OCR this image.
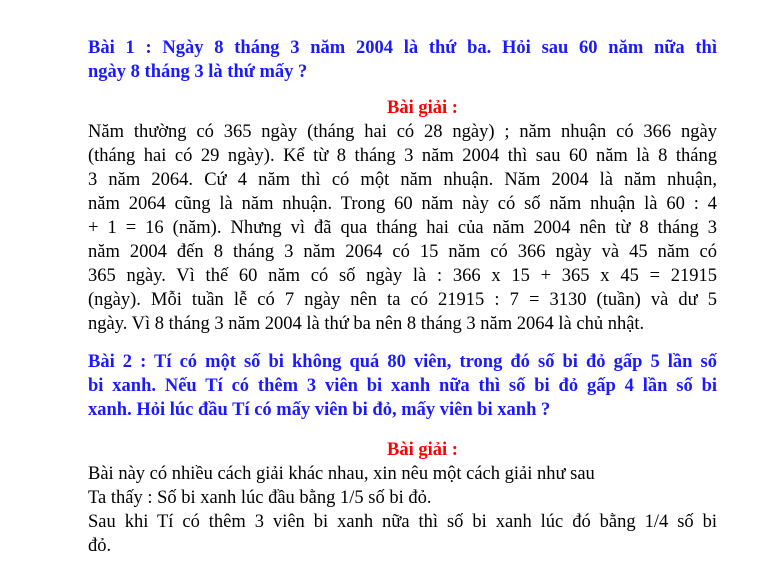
Bài 1 : Ngày 8 tháng 3 năm 2004 là thứ ba. Hỏi sau 60 năm nữa thì

ngày 8 tháng 3 là thứ mấy ?

Bài giải :

Năm thường có 365 ngày (tháng hai có 28 ngày) ; năm nhuận có 366 ngày

(tháng hai có 29 ngày). Kể từ 8 tháng 3 năm 2004 thì sau 60 năm là 8 tháng

3 năm 2064. Cứ 4 năm thì có một năm nhuận. Năm 2004 là năm nhuận,

năm 2064 cũng là năm nhuận. Trong 60 năm này có số năm nhuận là 60 : 4

+ 1 = 16 (năm). Nhưng vì đã qua tháng hai của năm 2004 nên từ 8 tháng 3

năm 2004 đến 8 tháng 3 năm 2064 có 15 năm có 366 ngày và 45 năm có

365 ngày. Vì thế 60 năm có số ngày là : 366 x 15 + 365 x 45 = 21915

(ngày). Mỗi tuần lễ có 7 ngày nên ta có 21915 : 7 = 3130 (tuần) và dư 5

ngày. Vì 8 tháng 3 năm 2004 là thứ ba nên 8 tháng 3 năm 2064 là chủ nhật.

Bài 2 : Tí có một số bi không quá 80 viên, trong đó số bi đỏ gấp 5 lần số

bi xanh. Nếu Tí có thêm 3 viên bi xanh nữa thì số bi đỏ gấp 4 lần số bi

xanh. Hỏi lúc đầu Tí có mấy viên bi đỏ, mấy viên bi xanh ?

Bài giải :

Bài này có nhiều cách giải khác nhau, xin nêu một cách giải như sau

Ta thấy : Số bi xanh lúc đầu bằng 1/5 số bi đỏ.

Sau khi Tí có thêm 3 viên bi xanh nữa thì số bi xanh lúc đó bằng 1/4 số bi

đỏ.
